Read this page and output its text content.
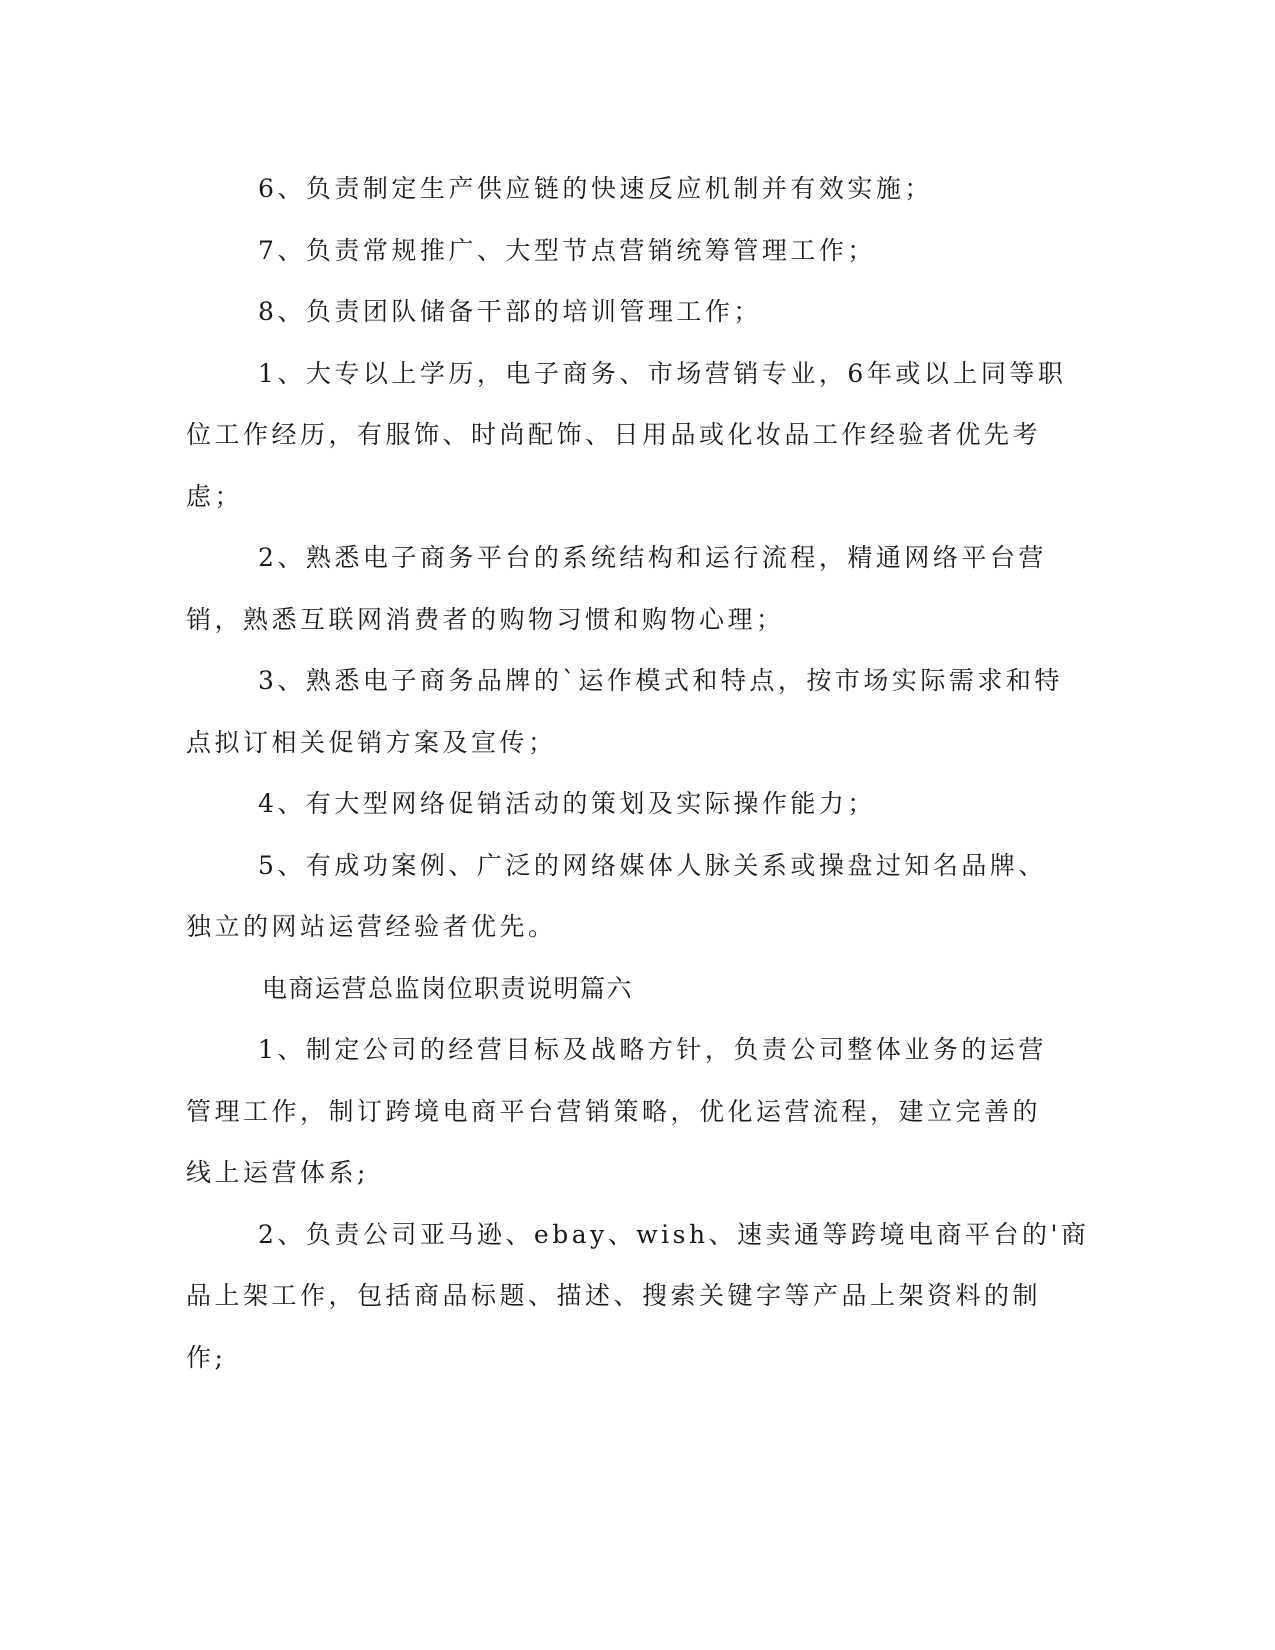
6、负责制定生产供应链的快速反应机制并有效实施；
7、负责常规推广、大型节点营销统筹管理工作；
8、负责团队储备干部的培训管理工作；
1、大专以上学历，电子商务、市场营销专业，6年或以上同等职
位工作经历，有服饰、时尚配饰、日用品或化妆品工作经验者优先考
虑；
2、熟悉电子商务平台的系统结构和运行流程，精通网络平台营
销，熟悉互联网消费者的购物习惯和购物心理；
3、熟悉电子商务品牌的`运作模式和特点，按市场实际需求和特
点拟订相关促销方案及宣传；
4、有大型网络促销活动的策划及实际操作能力；
5、有成功案例、广泛的网络媒体人脉关系或操盘过知名品牌、
独立的网站运营经验者优先。
电商运营总监岗位职责说明篇六
1、制定公司的经营目标及战略方针，负责公司整体业务的运营
管理工作，制订跨境电商平台营销策略，优化运营流程，建立完善的
线上运营体系;
2、负责公司亚马逊、ebay、wish、速卖通等跨境电商平台的'商
品上架工作，包括商品标题、描述、搜索关键字等产品上架资料的制
作;
